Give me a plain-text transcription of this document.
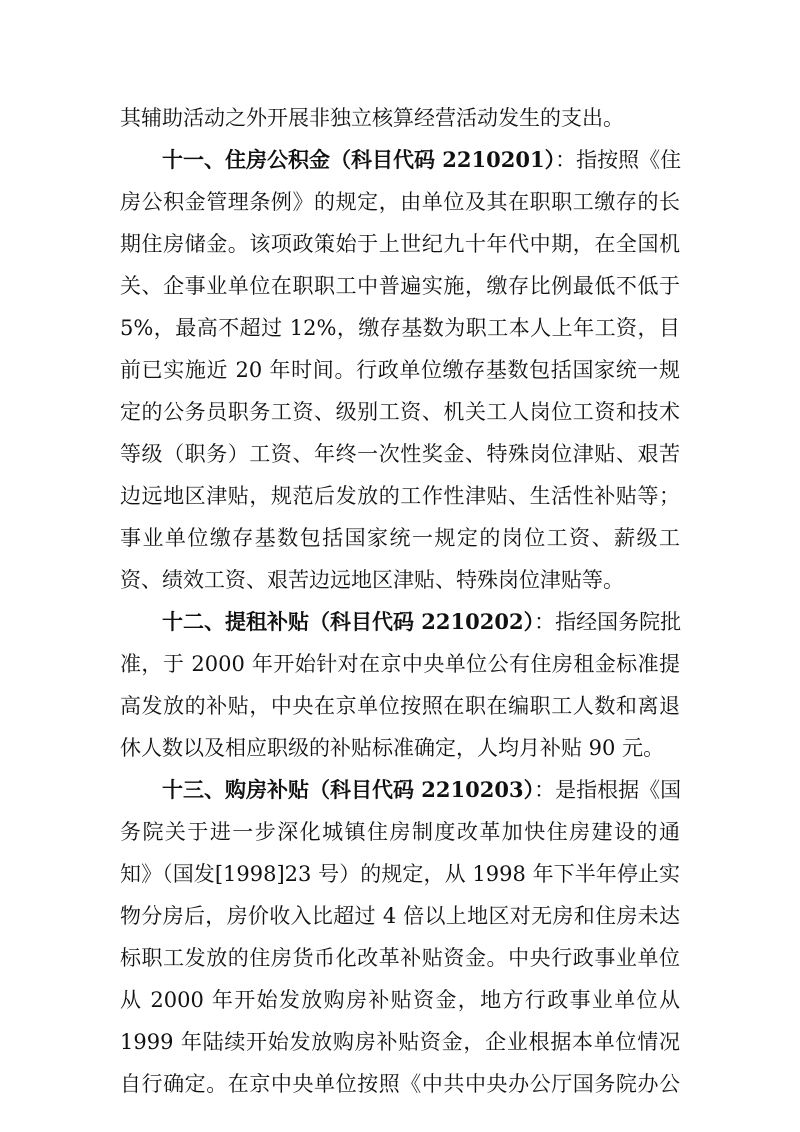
其辅助活动之外开展非独立核算经营活动发生的支出。
十一、住房公积金（科目代码 2210201）：指按照《住
房公积金管理条例》的规定，由单位及其在职职工缴存的长
期住房储金。该项政策始于上世纪九十年代中期，在全国机
关、企事业单位在职职工中普遍实施，缴存比例最低不低于
5%，最高不超过 12%，缴存基数为职工本人上年工资，目
前已实施近 20 年时间。行政单位缴存基数包括国家统一规
定的公务员职务工资、级别工资、机关工人岗位工资和技术
等级（职务）工资、年终一次性奖金、特殊岗位津贴、艰苦
边远地区津贴，规范后发放的工作性津贴、生活性补贴等；
事业单位缴存基数包括国家统一规定的岗位工资、薪级工
资、绩效工资、艰苦边远地区津贴、特殊岗位津贴等。
十二、提租补贴（科目代码 2210202）：指经国务院批
准，于 2000 年开始针对在京中央单位公有住房租金标准提
高发放的补贴，中央在京单位按照在职在编职工人数和离退
休人数以及相应职级的补贴标准确定，人均月补贴 90 元。
十三、购房补贴（科目代码 2210203）：是指根据《国
务院关于进一步深化城镇住房制度改革加快住房建设的通
知》（国发[1998]23 号）的规定，从 1998 年下半年停止实
物分房后，房价收入比超过 4 倍以上地区对无房和住房未达
标职工发放的住房货币化改革补贴资金。中央行政事业单位
从 2000 年开始发放购房补贴资金，地方行政事业单位从
1999 年陆续开始发放购房补贴资金，企业根据本单位情况
自行确定。在京中央单位按照《中共中央办公厅国务院办公
